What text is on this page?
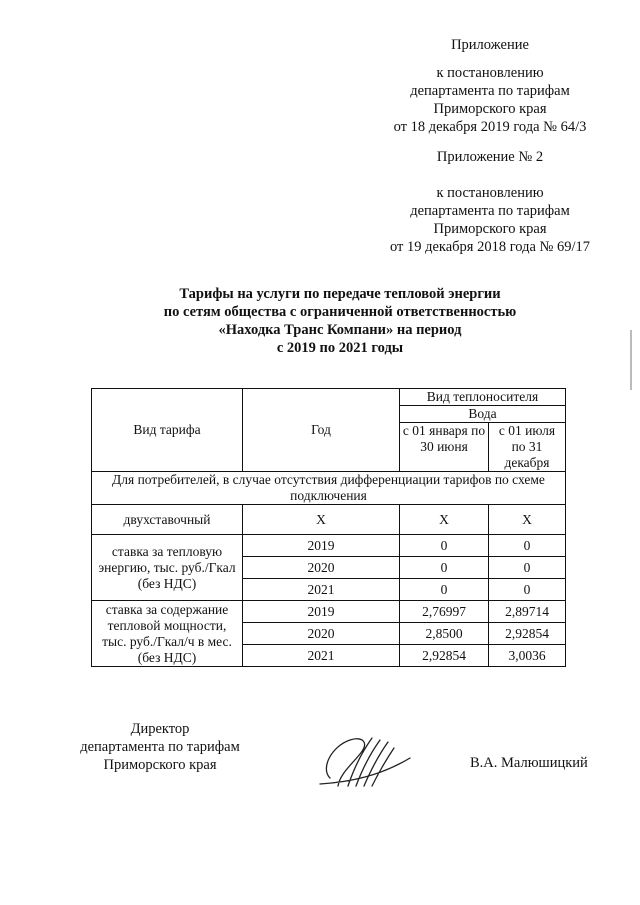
Приложение
к постановлению
департамента по тарифам
Приморского края
от 18 декабря 2019 года № 64/3
Приложение № 2
к постановлению
департамента по тарифам
Приморского края
от 19 декабря 2018 года № 69/17
Тарифы на услуги по передаче тепловой энергии
по сетям общества с ограниченной ответственностью
«Находка Транс Компани» на период
с 2019 по 2021 годы
Вид тарифа	Год	Вид теплоносителя	
		Вода	
		с 01 января по 30 июня	с 01 июля по 31 декабря
Для потребителей, в случае отсутствия дифференциации тарифов по схеме подключения			
двухставочный	Х	Х	Х
ставка за тепловую энергию, тыс. руб./Гкал (без НДС)	2019	0	0
	2020	0	0
	2021	0	0
ставка за содержание тепловой мощности, тыс. руб./Гкал/ч в мес. (без НДС)	2019	2,76997	2,89714
	2020	2,8500	2,92854
	2021	2,92854	3,0036
Директор
департамента по тарифам
Приморского края	В.А. Малюшицкий
